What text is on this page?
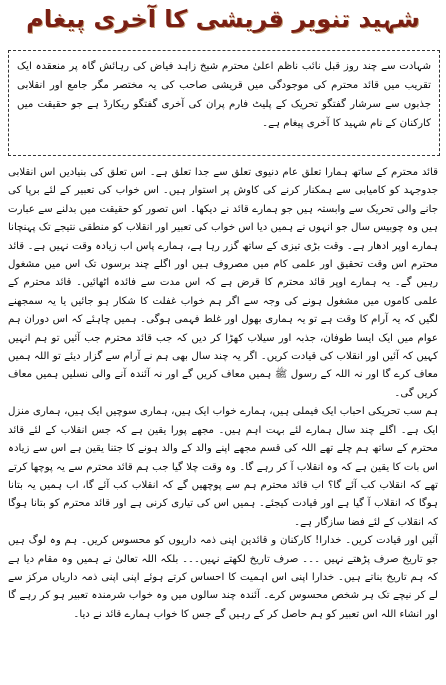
شہید تنویر قریشی کا آخری پیغام

شہادت سے چند روز قبل نائب ناظم اعلیٰ محترم شیخ زاہد فیاض کی رہائش گاہ پر منعقدہ ایک تقریب میں قائد محترم کی موجودگی میں قریشی صاحب کی یہ مختصر مگر جامع اور انقلابی جذبوں سے سرشار گفتگو تحریک کے پلیٹ فارم پران کی آخری گفتگو ریکارڈ ہے جو حقیقت میں کارکنان کے نام شہید کا آخری پیغام ہے۔

قائد محترم کے ساتھ ہمارا تعلق عام دنیوی تعلق سے جدا تعلق ہے۔ اس تعلق کی بنیادیں اس انقلابی جدوجہد کو کامیابی سے ہمکنار کرنے کی کاوش پر استوار ہیں۔ اس خواب کی تعبیر کے لئے برپا کی جانے والی تحریک سے وابستہ ہیں جو ہمارے قائد نے دیکھا۔ اس تصور کو حقیقت میں بدلنے سے عبارت ہیں وہ چوبیس سال جو انہوں نے ہمیں دیا اس خواب کی تعبیر اور انقلاب کو منطقی نتیجے تک پہنچانا ہمارے اوپر ادھار ہے۔ وقت بڑی تیزی کے ساتھ گزر رہا ہے، ہمارے پاس اب زیادہ وقت نہیں ہے۔ قائد محترم اس وقت تحقیق اور علمی کام میں مصروف ہیں اور اگلے چند برسوں تک اس میں مشغول رہیں گے۔ یہ ہمارے اوپر قائد محترم کا قرض ہے کہ اس مدت سے فائدہ اٹھائیں۔ قائد محترم کے علمی کاموں میں مشغول ہونے کی وجہ سے اگر ہم خواب غفلت کا شکار ہو جائیں یا یہ سمجھنے لگیں کہ یہ آرام کا وقت ہے تو یہ ہماری بھول اور غلط فہمی ہوگی۔ ہمیں چاہئے کہ اس دوران ہم عوام میں ایک ایسا طوفان، جذبہ اور سیلاب کھڑا کر دیں کہ جب قائد محترم جب آئیں تو ہم انہیں کہیں کہ آئیں اور انقلاب کی قیادت کریں۔ اگر یہ چند سال بھی ہم نے آرام سے گزار دیئے تو اللہ ہمیں معاف کرے گا اور نہ اللہ کے رسول ﷺ ہمیں معاف کریں گے اور نہ آئندہ آنے والی نسلیں ہمیں معاف کریں گی۔

ہم سب تحریکی احباب ایک فیملی ہیں، ہمارے خواب ایک ہیں، ہماری سوچیں ایک ہیں، ہماری منزل ایک ہے۔ اگلے چند سال ہمارے لئے بہت اہم ہیں۔ مجھے پورا یقین ہے کہ جس انقلاب کے لئے قائد محترم کے ساتھ ہم چلے تھے اللہ کی قسم مجھے اپنے والد کے والد ہونے کا جتنا یقین ہے اس سے زیادہ اس بات کا یقین ہے کہ وہ انقلاب آ کر رہے گا۔ وہ وقت چلا گیا جب ہم قائد محترم سے یہ پوچھا کرتے تھے کہ انقلاب کب آئے گا؟ اب قائد محترم ہم سے پوچھیں گے کہ انقلاب کب آئے گا، اب ہمیں یہ بتانا ہوگا کہ انقلاب آ گیا ہے اور قیادت کیجئے۔ ہمیں اس کی تیاری کرنی ہے اور قائد محترم کو بتانا ہوگا کہ انقلاب کے لئے فضا سازگار ہے۔

آئیں اور قیادت کریں۔ خدارا! کارکنان و قائدین اپنی ذمہ داریوں کو محسوس کریں۔ ہم وہ لوگ ہیں جو تاریخ صرف پڑھتے نہیں ۔۔۔ صرف تاریخ لکھتے نہیں۔۔۔ بلکہ اللہ تعالیٰ نے ہمیں وہ مقام دیا ہے کہ ہم تاریخ بناتے ہیں۔ خدارا اپنی اس اہمیت کا احساس کرتے ہوئے اپنی اپنی ذمہ داریاں مرکز سے لے کر نیچے تک ہر شخص محسوس کرے۔ آئندہ چند سالوں میں وہ خواب شرمندہ تعبیر ہو کر رہے گا اور انشاء اللہ اس تعبیر کو ہم حاصل کر کے رہیں گے جس کا خواب ہمارے قائد نے دیا۔
